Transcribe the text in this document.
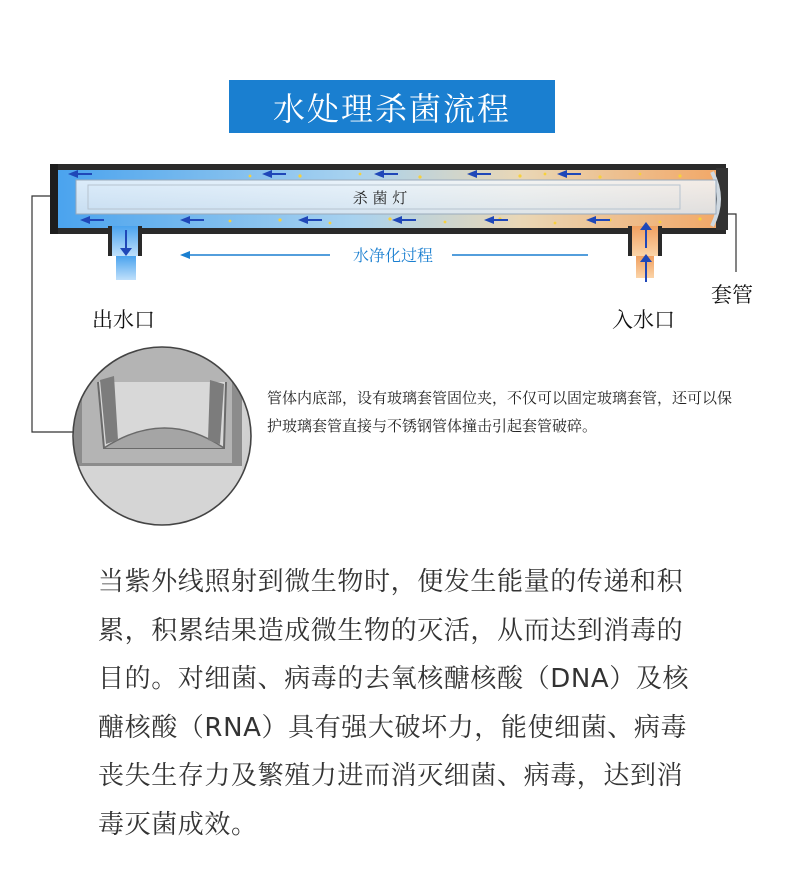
水处理杀菌流程
杀 菌 灯
水净化过程
出水口	入水口
套管
管体内底部，设有玻璃套管固位夹，不仅可以固定玻璃套管，还可以保护玻璃套管直接与不锈钢管体撞击引起套管破碎。
当紫外线照射到微生物时，便发生能量的传递和积累，积累结果造成微生物的灭活，从而达到消毒的目的。对细菌、病毒的去氧核醣核酸（DNA）及核醣核酸（RNA）具有强大破坏力，能使细菌、病毒丧失生存力及繁殖力进而消灭细菌、病毒，达到消毒灭菌成效。
